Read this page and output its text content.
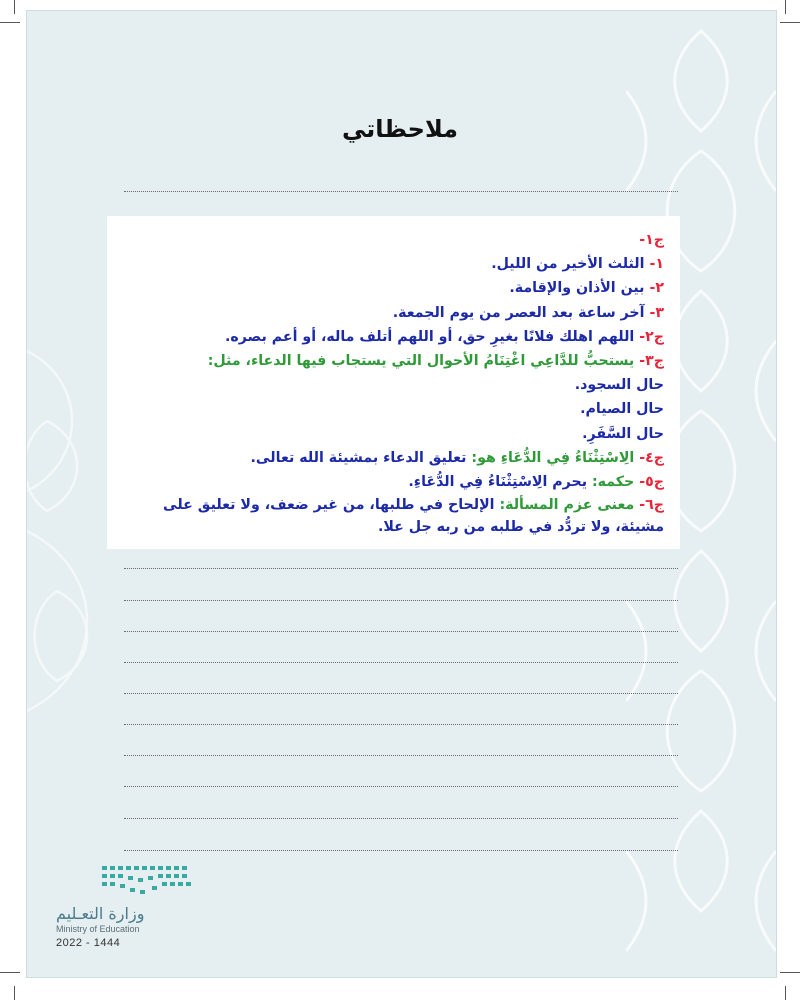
ملاحظاتي
ج١-
١- الثلث الأخير من الليل.
٢- بين الأذان والإقامة.
٣- آخر ساعة بعد العصر من يوم الجمعة.
ج٢- اللهم اهلك فلانًا بغيرِ حق، أو اللهم أتلف ماله، أو أعم بصره.
ج٣- يستحبُّ للدَّاعِي اغْتِنَامُ الأحوال التي يستجاب فيها الدعاء، مثل:
حال السجود.
حال الصيام.
حال السَّفَرِ.
ج٤- الِاسْتِثْنَاءُ فِي الدُّعَاءِ هو: تعليق الدعاء بمشيئة الله تعالى.
ج٥- حكمه: يحرم الِاسْتِثْنَاءُ فِي الدُّعَاءِ.
ج٦- معنى عزم المسألة: الإلحاح في طلبها، من غير ضعف، ولا تعليق على مشيئة، ولا تردُّد في طلبه من ربه جل علا.
وزارة التعـليم
Ministry of Education
2022 - 1444
